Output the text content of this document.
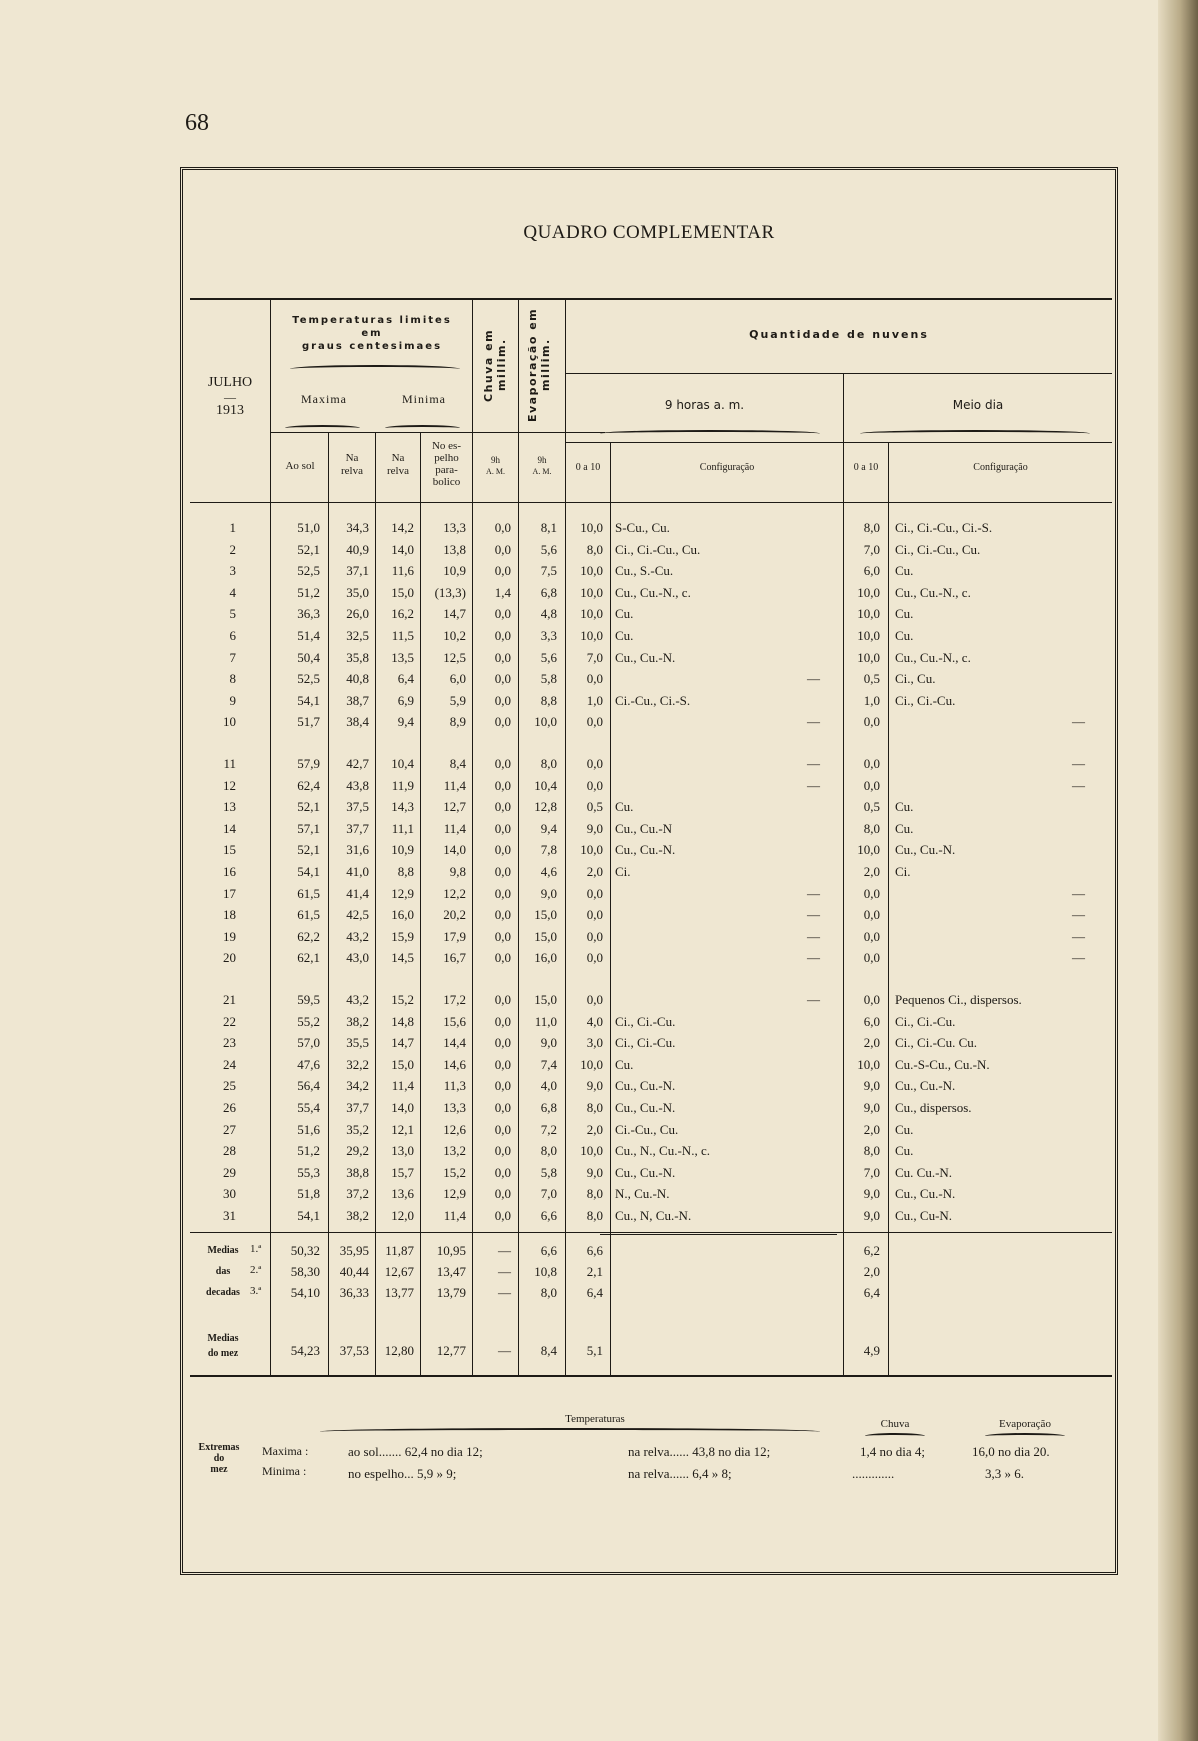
68
QUADRO COMPLEMENTAR
JULHO
—
1913
Temperaturas limites
em
graus centesimaes
Maxima	Minima
Ao sol
Na
relva
Na
relva
No es-
pelho
para-
bolico
Chuva em millim. Evaporação em millim.
9h
A. M.
9h
A. M.
Quantidade de nuvens
9 horas a. m.	Meio dia
0 a 10	Configuração	0 a 10	Configuração
1	51,0	34,3	14,2	13,3	0,0	8,1	10,0 S-Cu., Cu.	8,0 Ci., Ci.-Cu., Ci.-S.
2	52,1	40,9	14,0	13,8	0,0	5,6	8,0 Ci., Ci.-Cu., Cu.	7,0 Ci., Ci.-Cu., Cu.
3	52,5	37,1	11,6	10,9	0,0	7,5	10,0 Cu., S.-Cu.	6,0 Cu.
4	51,2	35,0	15,0	(13,3)	1,4	6,8	10,0 Cu., Cu.-N., c.	10,0 Cu., Cu.-N., c.
5	36,3	26,0	16,2	14,7	0,0	4,8	10,0 Cu.	10,0 Cu.
6	51,4	32,5	11,5	10,2	0,0	3,3	10,0 Cu.	10,0 Cu.
7	50,4	35,8	13,5	12,5	0,0	5,6	7,0 Cu., Cu.-N.	10,0 Cu., Cu.-N., c.
8	52,5	40,8	6,4	6,0	0,0	5,8	0,0	—	0,5 Ci., Cu.
9	54,1	38,7	6,9	5,9	0,0	8,8	1,0 Ci.-Cu., Ci.-S.	1,0 Ci., Ci.-Cu.
10	51,7	38,4	9,4	8,9	0,0	10,0	0,0	—	0,0	—
11	57,9	42,7	10,4	8,4	0,0	8,0	0,0	—	0,0	—
12	62,4	43,8	11,9	11,4	0,0	10,4	0,0	—	0,0	—
13	52,1	37,5	14,3	12,7	0,0	12,8	0,5 Cu.	0,5 Cu.
14	57,1	37,7	11,1	11,4	0,0	9,4	9,0 Cu., Cu.-N	8,0 Cu.
15	52,1	31,6	10,9	14,0	0,0	7,8	10,0 Cu., Cu.-N.	10,0 Cu., Cu.-N.
16	54,1	41,0	8,8	9,8	0,0	4,6	2,0 Ci.	2,0 Ci.
17	61,5	41,4	12,9	12,2	0,0	9,0	0,0	—	0,0	—
18	61,5	42,5	16,0	20,2	0,0	15,0	0,0	—	0,0	—
19	62,2	43,2	15,9	17,9	0,0	15,0	0,0	—	0,0	—
20	62,1	43,0	14,5	16,7	0,0	16,0	0,0	—	0,0	—
21	59,5	43,2	15,2	17,2	0,0	15,0	0,0	—	0,0 Pequenos Ci., dispersos.
22	55,2	38,2	14,8	15,6	0,0	11,0	4,0 Ci., Ci.-Cu.	6,0 Ci., Ci.-Cu.
23	57,0	35,5	14,7	14,4	0,0	9,0	3,0 Ci., Ci.-Cu.	2,0 Ci., Ci.-Cu. Cu.
24	47,6	32,2	15,0	14,6	0,0	7,4	10,0 Cu.	10,0 Cu.-S-Cu., Cu.-N.
25	56,4	34,2	11,4	11,3	0,0	4,0	9,0 Cu., Cu.-N.	9,0 Cu., Cu.-N.
26	55,4	37,7	14,0	13,3	0,0	6,8	8,0 Cu., Cu.-N.	9,0 Cu., dispersos.
27	51,6	35,2	12,1	12,6	0,0	7,2	2,0 Ci.-Cu., Cu.	2,0 Cu.
28	51,2	29,2	13,0	13,2	0,0	8,0	10,0 Cu., N., Cu.-N., c.	8,0 Cu.
29	55,3	38,8	15,7	15,2	0,0	5,8	9,0 Cu., Cu.-N.	7,0 Cu. Cu.-N.
30	51,8	37,2	13,6	12,9	0,0	7,0	8,0 N., Cu.-N.	9,0 Cu., Cu.-N.
31	54,1	38,2	12,0	11,4	0,0	6,6	8,0 Cu., N, Cu.-N.	9,0 Cu., Cu-N.
Medias
das
decadas
1.ª	50,32	35,95	11,87	10,95	—	6,6	6,6	6,2
2.ª	58,30	40,44	12,67	13,47	—	10,8	2,1	2,0
3.ª	54,10	36,33	13,77	13,79	—	8,0	6,4	6,4
Medias
do mez	54,23	37,53	12,80	12,77	—	8,4	5,1	4,9
Temperaturas	Chuva	Evaporação
Extremas
do
mez
Maxima :
Minima :
ao sol....... 62,4 no dia 12;	na relva...... 43,8 no dia 12;	1,4 no dia 4;	16,0 no dia 20.
no espelho... 5,9 » 9;	na relva...... 6,4 » 8;	.............	3,3 » 6.
